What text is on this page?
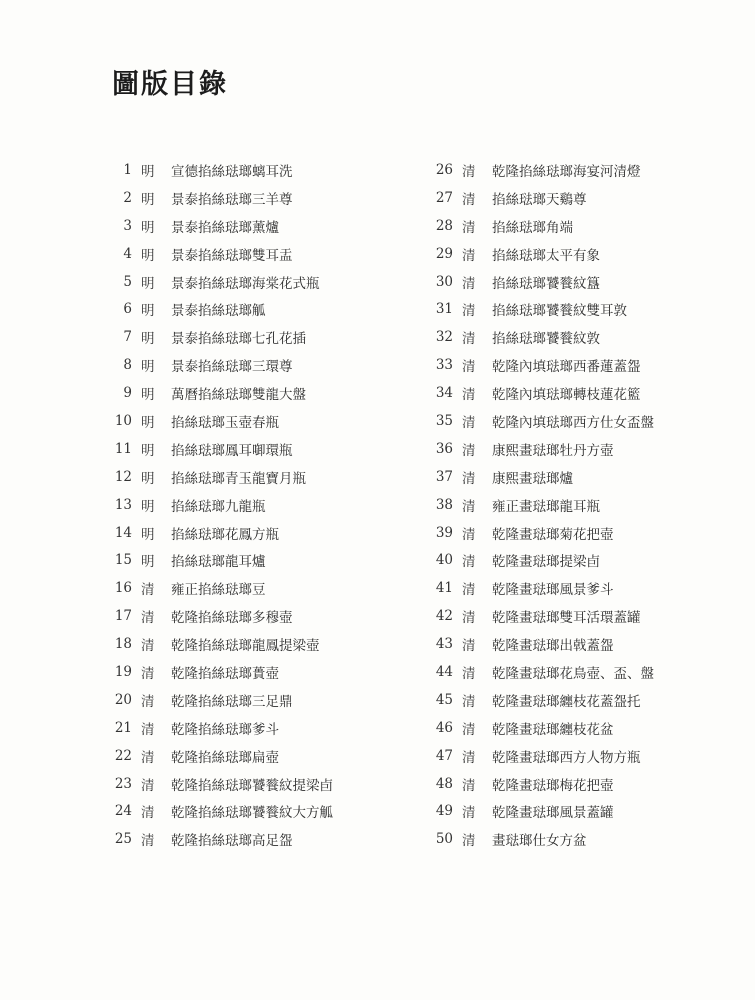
圖版目錄
1 明	宣德掐絲琺瑯螭耳洗
2 明	景泰掐絲琺瑯三羊尊
3 明	景泰掐絲琺瑯薰爐
4 明	景泰掐絲琺瑯雙耳盂
5 明	景泰掐絲琺瑯海棠花式瓶
6 明	景泰掐絲琺瑯觚
7 明	景泰掐絲琺瑯七孔花插
8 明	景泰掐絲琺瑯三環尊
9 明	萬曆掐絲琺瑯雙龍大盤
10 明	掐絲琺瑯玉壺春瓶
11 明	掐絲琺瑯鳳耳啣環瓶
12 明	掐絲琺瑯青玉龍寶月瓶
13 明	掐絲琺瑯九龍瓶
14 明	掐絲琺瑯花鳳方瓶
15 明	掐絲琺瑯龍耳爐
16 清	雍正掐絲琺瑯豆
17 清	乾隆掐絲琺瑯多穆壺
18 清	乾隆掐絲琺瑯龍鳳提梁壺
19 清	乾隆掐絲琺瑯蕢壺
20 清	乾隆掐絲琺瑯三足鼎
21 清	乾隆掐絲琺瑯爹斗
22 清	乾隆掐絲琺瑯扁壺
23 清	乾隆掐絲琺瑯饕餮紋提梁卣
24 清	乾隆掐絲琺瑯饕餮紋大方觚
25 清	乾隆掐絲琺瑯高足盌
26 清	乾隆掐絲琺瑯海宴河清燈
27 清	掐絲琺瑯天鷄尊
28 清	掐絲琺瑯角端
29 清	掐絲琺瑯太平有象
30 清	掐絲琺瑯饕餮紋簋
31 清	掐絲琺瑯饕餮紋雙耳敦
32 清	掐絲琺瑯饕餮紋敦
33 清	乾隆內填琺瑯西番蓮蓋盌
34 清	乾隆內填琺瑯轉枝蓮花籃
35 清	乾隆內填琺瑯西方仕女盃盤
36 清	康熙畫琺瑯牡丹方壺
37 清	康熙畫琺瑯爐
38 清	雍正畫琺瑯龍耳瓶
39 清	乾隆畫琺瑯菊花把壺
40 清	乾隆畫琺瑯提梁卣
41 清	乾隆畫琺瑯風景爹斗
42 清	乾隆畫琺瑯雙耳活環蓋罐
43 清	乾隆畫琺瑯出戟蓋盌
44 清	乾隆畫琺瑯花鳥壺、盃、盤
45 清	乾隆畫琺瑯纏枝花蓋盌托
46 清	乾隆畫琺瑯纏枝花盆
47 清	乾隆畫琺瑯西方人物方瓶
48 清	乾隆畫琺瑯梅花把壺
49 清	乾隆畫琺瑯風景蓋罐
50 清	畫琺瑯仕女方盆
